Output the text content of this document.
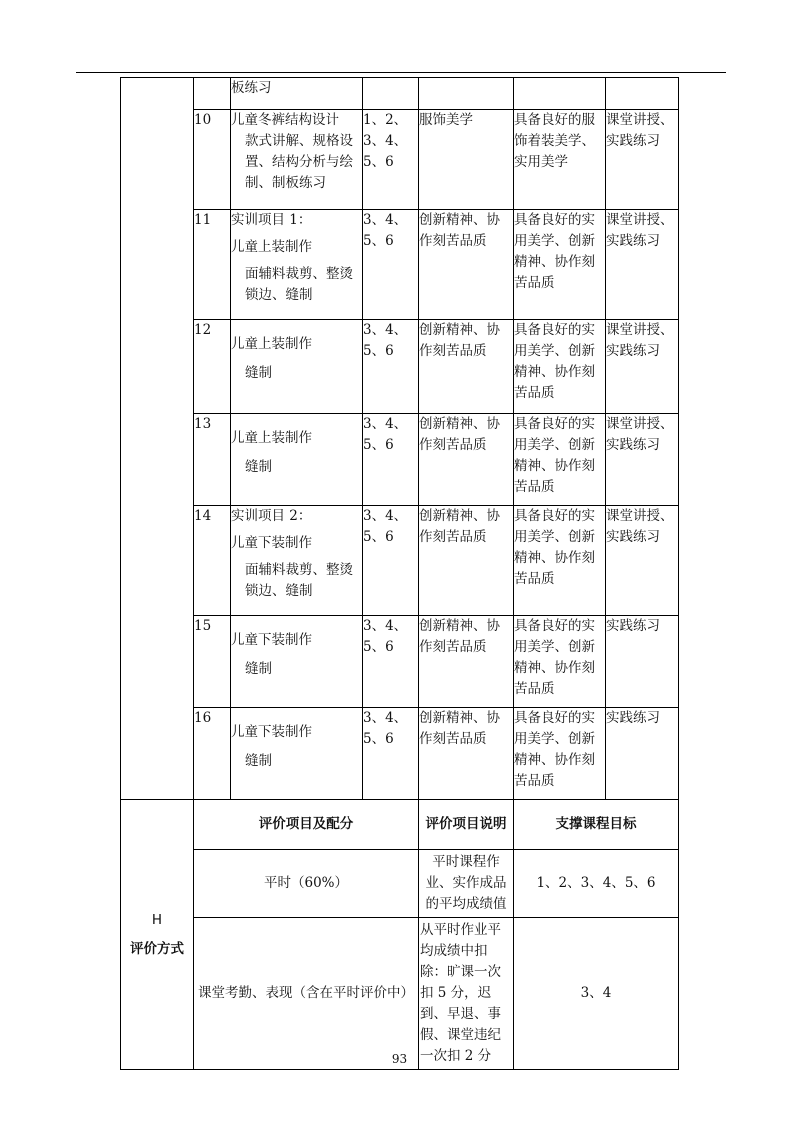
		板练习				
	10	儿童冬裤结构设计
款式讲解、规格设置、结构分析与绘制、制板练习	1、2、3、4、5、6	服饰美学	具备良好的服饰着装美学、实用美学	课堂讲授、实践练习
	11	实训项目 1：
儿童上装制作
面辅料裁剪、整烫锁边、缝制	3、4、5、6	创新精神、协作刻苦品质	具备良好的实用美学、创新精神、协作刻苦品质	课堂讲授、实践练习
	12	儿童上装制作
缝制	3、4、5、6	创新精神、协作刻苦品质	具备良好的实用美学、创新精神、协作刻苦品质	课堂讲授、实践练习
	13	儿童上装制作
缝制	3、4、5、6	创新精神、协作刻苦品质	具备良好的实用美学、创新精神、协作刻苦品质	课堂讲授、实践练习
	14	实训项目 2：
儿童下装制作
面辅料裁剪、整烫锁边、缝制	3、4、5、6	创新精神、协作刻苦品质	具备良好的实用美学、创新精神、协作刻苦品质	课堂讲授、实践练习
	15	儿童下装制作
缝制	3、4、5、6	创新精神、协作刻苦品质	具备良好的实用美学、创新精神、协作刻苦品质	实践练习
	16	儿童下装制作
缝制	3、4、5、6	创新精神、协作刻苦品质	具备良好的实用美学、创新精神、协作刻苦品质	实践练习

H
评价方式	评价项目及配分			评价项目说明	支撑课程目标	
	平时（60%）			平时课程作业、实作成品的平均成绩值	1、2、3、4、5、6	
	课堂考勤、表现（含在平时评价中）			从平时作业平均成绩中扣除：旷课一次扣 5 分，迟到、早退、事假、课堂违纪一次扣 2 分	3、4	
93
